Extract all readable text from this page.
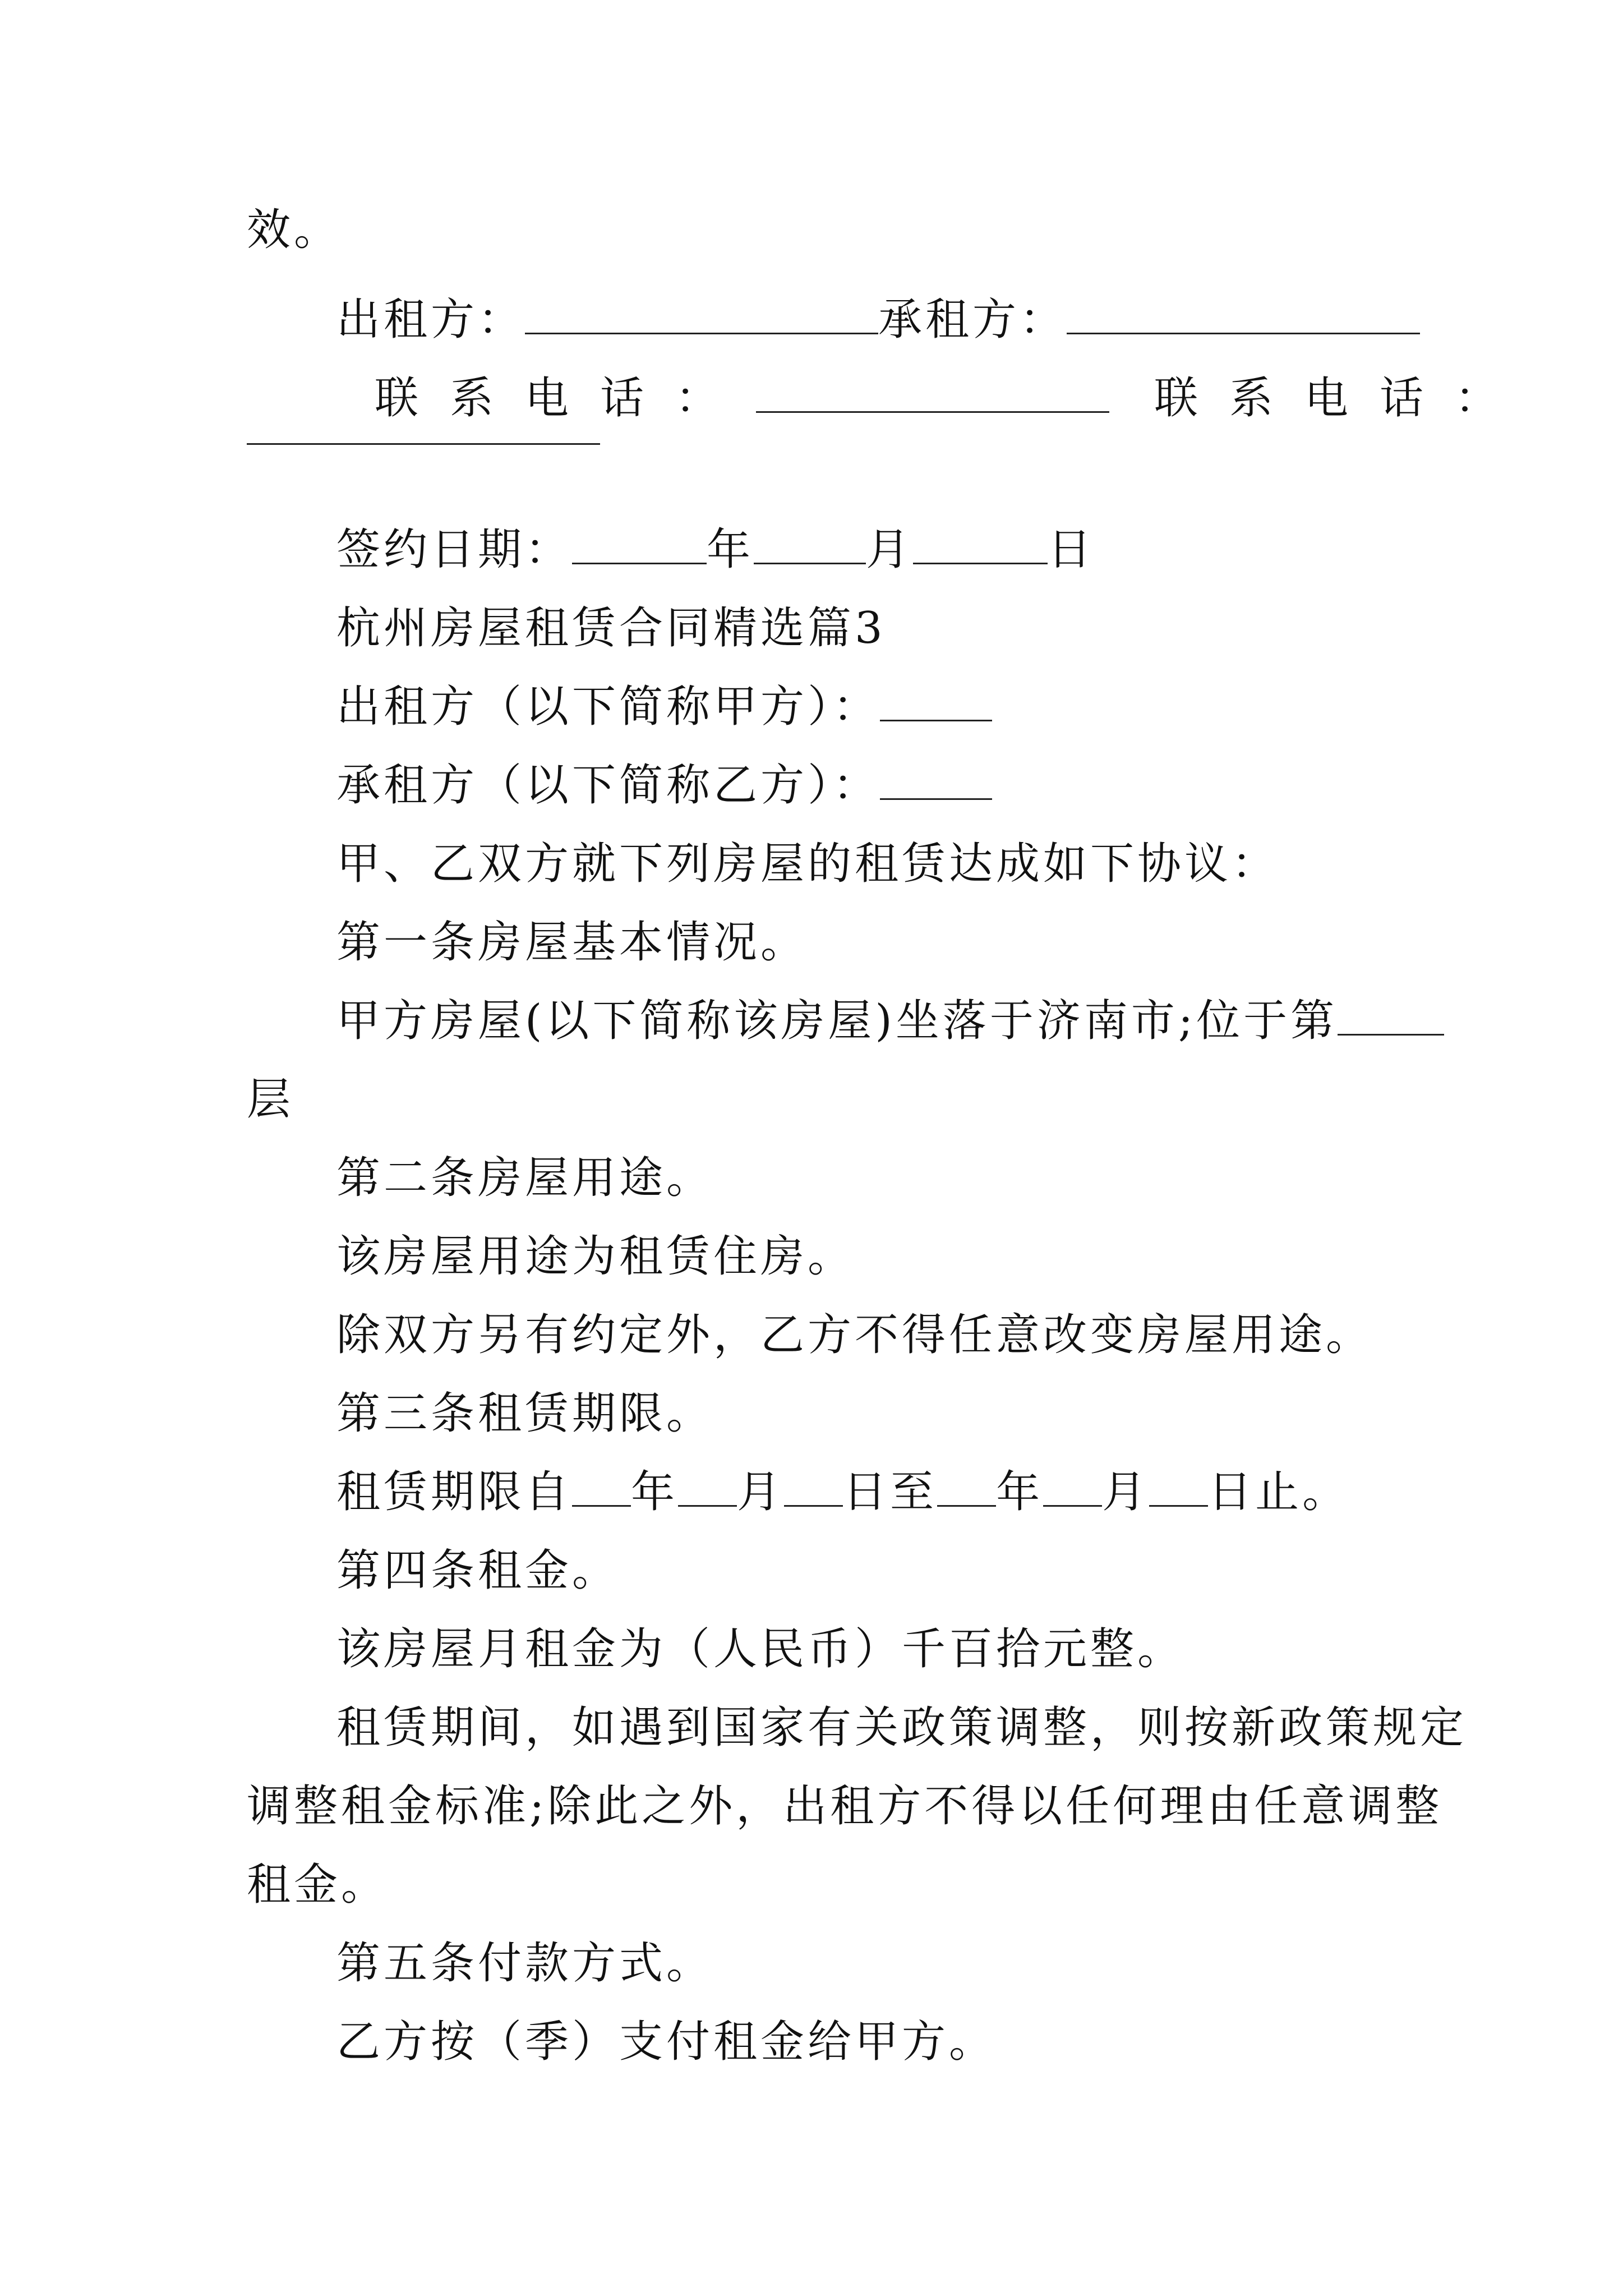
效。
出租方：	承租方：
联系电话：	联系电话：
签约日期：	年	月	日
杭州房屋租赁合同精选篇3
出租方（以下简称甲方）：
承租方（以下简称乙方）：
甲、乙双方就下列房屋的租赁达成如下协议：
第一条房屋基本情况。
甲方房屋(以下简称该房屋)坐落于济南市;位于第
层
第二条房屋用途。
该房屋用途为租赁住房。
除双方另有约定外，乙方不得任意改变房屋用途。
第三条租赁期限。
租赁期限自 年 月 日至 年 月 日止。
第四条租金。
该房屋月租金为（人民币）千百拾元整。
租赁期间，如遇到国家有关政策调整，则按新政策规定
调整租金标准;除此之外，出租方不得以任何理由任意调整
租金。
第五条付款方式。
乙方按（季）支付租金给甲方。
